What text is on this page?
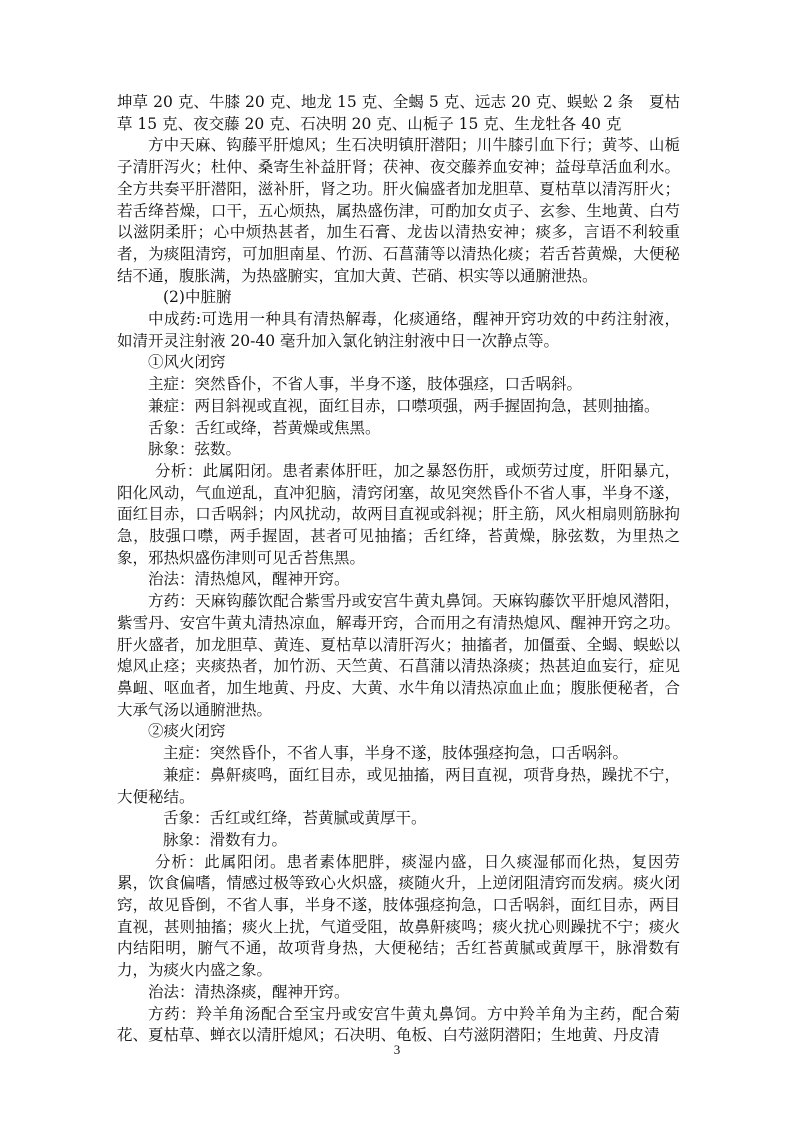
坤草 20 克、牛膝 20 克、地龙 15 克、全蝎 5 克、远志 20 克、蜈蚣 2 条　夏枯草 15 克、夜交藤 20 克、石决明 20 克、山栀子 15 克、生龙牡各 40 克

方中天麻、钩藤平肝熄风；生石决明镇肝潜阳；川牛膝引血下行；黄芩、山栀子清肝泻火；杜仲、桑寄生补益肝肾；茯神、夜交藤养血安神；益母草活血利水。全方共奏平肝潜阳，滋补肝，肾之功。肝火偏盛者加龙胆草、夏枯草以清泻肝火；若舌绛苔燥，口干，五心烦热，属热盛伤津，可酌加女贞子、玄参、生地黄、白芍以滋阴柔肝；心中烦热甚者，加生石膏、龙齿以清热安神；痰多，言语不利较重者，为痰阻清窍，可加胆南星、竹沥、石菖蒲等以清热化痰；若舌苔黄燥，大便秘结不通，腹胀满，为热盛腑实，宜加大黄、芒硝、枳实等以通腑泄热。

(2)中脏腑

中成药:可选用一种具有清热解毒，化痰通络，醒神开窍功效的中药注射液，如清开灵注射液 20-40 毫升加入氯化钠注射液中日一次静点等。

①风火闭窍

主症：突然昏仆，不省人事，半身不遂，肢体强痉，口舌㖞斜。

兼症：两目斜视或直视，面红目赤，口噤项强，两手握固拘急，甚则抽搐。

舌象：舌红或绛，苔黄燥或焦黑。

脉象：弦数。

分析：此属阳闭。患者素体肝旺，加之暴怒伤肝，或烦劳过度，肝阳暴亢，阳化风动，气血逆乱，直冲犯脑，清窍闭塞，故见突然昏仆不省人事，半身不遂，面红目赤，口舌㖞斜；内风扰动，故两目直视或斜视；肝主筋，风火相扇则筋脉拘急，肢强口噤，两手握固，甚者可见抽搐；舌红绛，苔黄燥，脉弦数，为里热之象，邪热炽盛伤津则可见舌苔焦黑。

治法：清热熄风，醒神开窍。

方药：天麻钩藤饮配合紫雪丹或安宫牛黄丸鼻饲。天麻钩藤饮平肝熄风潜阳，紫雪丹、安宫牛黄丸清热凉血，解毒开窍，合而用之有清热熄风、醒神开窍之功。肝火盛者，加龙胆草、黄连、夏枯草以清肝泻火；抽搐者，加僵蚕、全蝎、蜈蚣以熄风止痉；夹痰热者，加竹沥、天竺黄、石菖蒲以清热涤痰；热甚迫血妄行，症见鼻衄、呕血者，加生地黄、丹皮、大黄、水牛角以清热凉血止血；腹胀便秘者，合大承气汤以通腑泄热。

②痰火闭窍

主症：突然昏仆，不省人事，半身不遂，肢体强痉拘急，口舌㖞斜。

兼症：鼻鼾痰鸣，面红目赤，或见抽搐，两目直视，项背身热，躁扰不宁，大便秘结。

舌象：舌红或红绛，苔黄腻或黄厚干。

脉象：滑数有力。

分析：此属阳闭。患者素体肥胖，痰湿内盛，日久痰湿郁而化热，复因劳累，饮食偏嗜，情感过极等致心火炽盛，痰随火升，上逆闭阻清窍而发病。痰火闭窍，故见昏倒，不省人事，半身不遂，肢体强痉拘急，口舌㖞斜，面红目赤，两目直视，甚则抽搐；痰火上扰，气道受阻，故鼻鼾痰鸣；痰火扰心则躁扰不宁；痰火内结阳明，腑气不通，故项背身热，大便秘结；舌红苔黄腻或黄厚干，脉滑数有力，为痰火内盛之象。

治法：清热涤痰，醒神开窍。

方药：羚羊角汤配合至宝丹或安宫牛黄丸鼻饲。方中羚羊角为主药，配合菊花、夏枯草、蝉衣以清肝熄风；石决明、龟板、白芍滋阴潜阳；生地黄、丹皮清

3
